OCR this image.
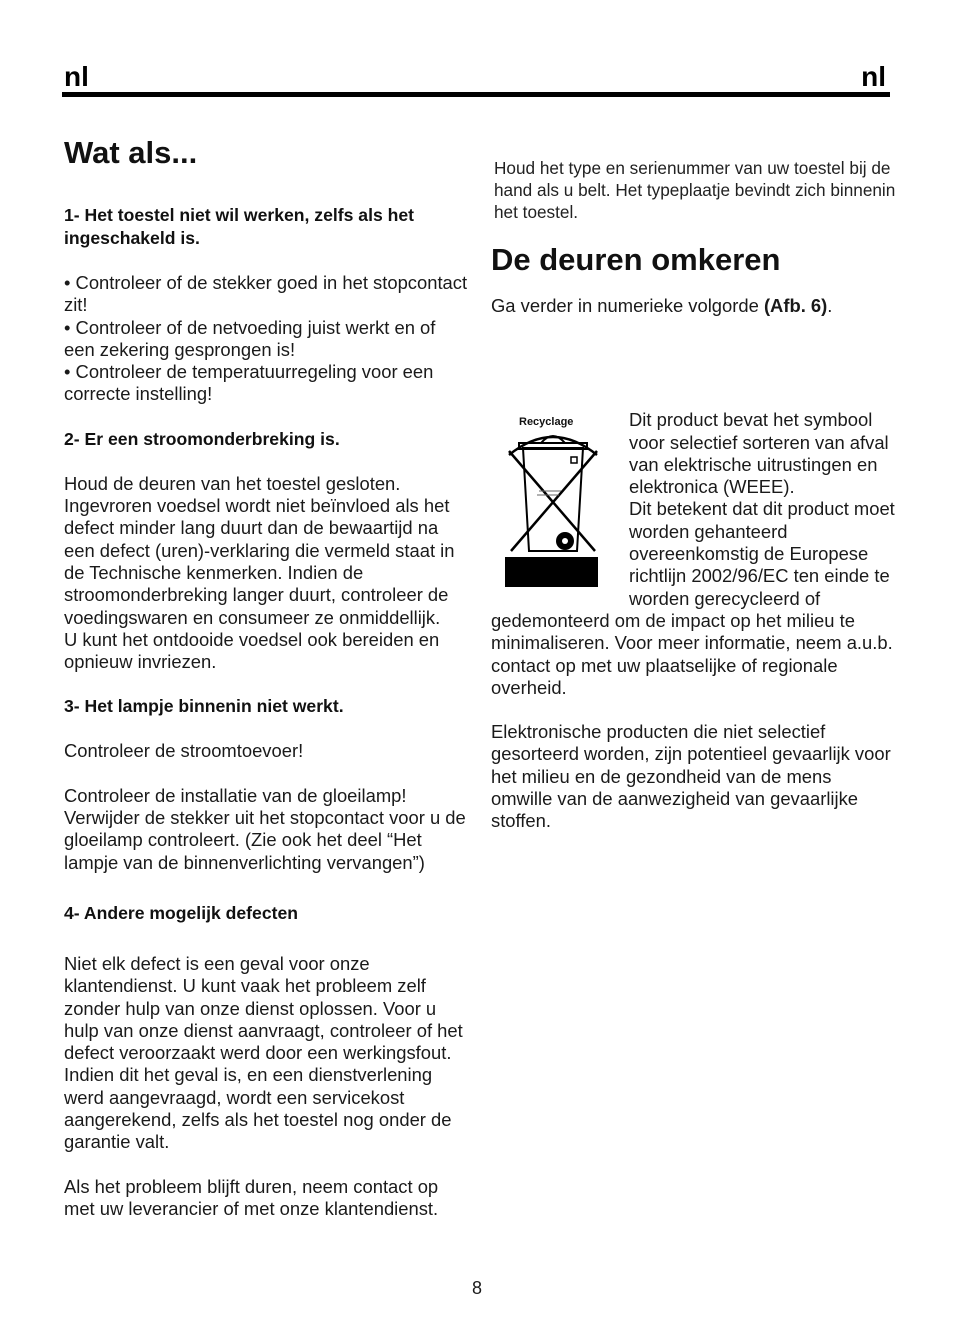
nl	nl
Wat als...

1- Het toestel niet wil werken, zelfs als het ingeschakeld is.

• Controleer of de stekker goed in het stopcontact zit!

• Controleer of de netvoeding juist werkt en of een zekering gesprongen is!

• Controleer de temperatuurregeling voor een correcte instelling!

2- Er een stroomonderbreking is.

Houd de deuren van het toestel gesloten. Ingevroren voedsel wordt niet beïnvloed als het defect minder lang duurt dan de bewaartijd na een defect (uren)-verklaring die vermeld staat in de Technische kenmerken. Indien de stroomonderbreking langer duurt, controleer de voedingswaren en consumeer ze onmiddellijk.

U kunt het ontdooide voedsel ook bereiden en opnieuw invriezen.

3- Het lampje binnenin niet werkt.

Controleer de stroomtoevoer!

Controleer de installatie van de gloeilamp! Verwijder de stekker uit het stopcontact voor u de gloeilamp controleert. (Zie ook het deel “Het lampje van de binnenverlichting vervangen”)

4- Andere mogelijk defecten

Niet elk defect is een geval voor onze klantendienst. U kunt vaak het probleem zelf zonder hulp van onze dienst oplossen. Voor u hulp van onze dienst aanvraagt, controleer of het defect veroorzaakt werd door een werkingsfout. Indien dit het geval is, en een dienstverlening werd aangevraagd, wordt een servicekost aangerekend, zelfs als het toestel nog onder de garantie valt.

Als het probleem blijft duren, neem contact op met uw leverancier of met onze klantendienst.

Houd het type en serienummer van uw toestel bij de hand als u belt. Het typeplaatje bevindt zich binnenin het toestel.

De deuren omkeren

Ga verder in numerieke volgorde (Afb. 6).

Recyclage	Dit product bevat het symbool voor selectief sorteren van afval van elektrische uitrustingen en elektronica (WEEE).

Dit betekent dat dit product moet worden gehanteerd overeenkomstig de Europese richtlijn 2002/96/EC ten einde te worden gerecycleerd of gedemonteerd om de impact op het milieu te minimaliseren. Voor meer informatie, neem a.u.b. contact op met uw plaatselijke of regionale overheid.

Elektronische producten die niet selectief gesorteerd worden, zijn potentieel gevaarlijk voor het milieu en de gezondheid van de mens omwille van de aanwezigheid van gevaarlijke stoffen.

8
